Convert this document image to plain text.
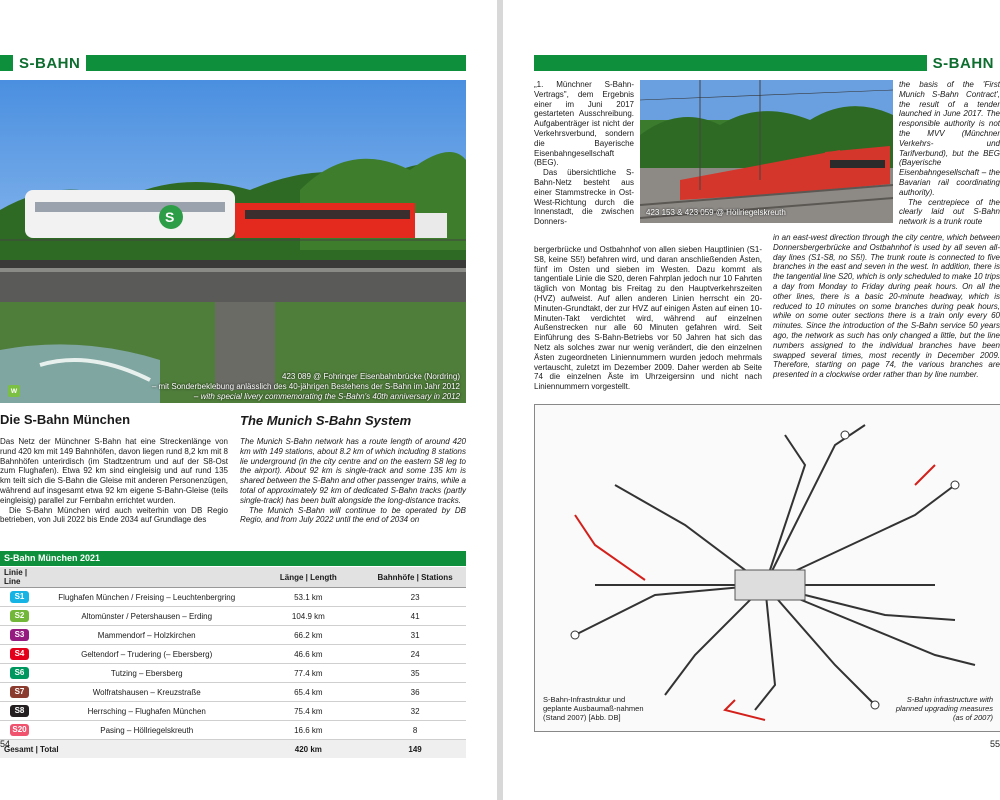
S-BAHN
S
w
423 089 @ Fohringer Eisenbahnbrücke (Nordring)
– mit Sonderbeklebung anlässlich des 40-jährigen Bestehens der S-Bahn im Jahr 2012
– with special livery commemorating the S-Bahn's 40th anniversary in 2012
Die S-Bahn München	The Munich S-Bahn System

Das Netz der Münchner S-Bahn hat eine Streckenlänge von rund 420 km mit 149 Bahnhöfen, davon liegen rund 8,2 km mit 8 Bahnhöfen unterirdisch (im Stadtzentrum und auf der S8-Ost zum Flughafen). Etwa 92 km sind eingleisig und auf rund 135 km teilt sich die S-Bahn die Gleise mit anderen Personenzügen, während auf insgesamt etwa 92 km eigene S-Bahn-Gleise (teils eingleisig) parallel zur Fernbahn errichtet wurden.

Die S-Bahn München wird auch weiterhin von DB Regio betrieben, von Juli 2022 bis Ende 2034 auf Grundlage des

The Munich S-Bahn network has a route length of around 420 km with 149 stations, about 8.2 km of which including 8 stations lie underground (in the city centre and on the eastern S8 leg to the airport). About 92 km is single-track and some 135 km is shared between the S-Bahn and other passenger trains, while a total of approximately 92 km of dedicated S-Bahn tracks (partly single-track) has been built alongside the long-distance tracks.

The Munich S-Bahn will continue to be operated by DB Regio, and from July 2022 until the end of 2034 on

S-Bahn München 2021
Linie | Line		Länge | Length	Bahnhöfe | Stations
S1	Flughafen München / Freising – Leuchtenbergring	53.1 km	23
S2	Altomünster / Petershausen – Erding	104.9 km	41
S3	Mammendorf – Holzkirchen	66.2 km	31
S4	Geltendorf – Trudering (– Ebersberg)	46.6 km	24
S6	Tutzing – Ebersberg	77.4 km	35
S7	Wolfratshausen – Kreuzstraße	65.4 km	36
S8	Herrsching – Flughafen München	75.4 km	32
S20	Pasing – Höllriegelskreuth	16.6 km	8
Gesamt | Total		420 km	149
54
S-BAHN

„1. Münchner S-Bahn-Vertrags", dem Ergebnis einer im Juni 2017 gestarteten Ausschreibung. Aufgabenträger ist nicht der Verkehrsverbund, sondern die Bayerische Eisenbahngesellschaft (BEG).

Das übersichtliche S-Bahn-Netz besteht aus einer Stammstrecke in Ost-West-Richtung durch die Innenstadt, die zwischen Donners-

423 153 & 423 059 @ Höllriegelskreuth

the basis of the 'First Munich S-Bahn Contract', the result of a tender launched in June 2017. The responsible authority is not the MVV (Münchner Verkehrs- und Tarifverbund), but the BEG (Bayerische Eisenbahngesellschaft – the Bavarian rail coordinating authority).

The centrepiece of the clearly laid out S-Bahn network is a trunk route

bergerbrücke und Ostbahnhof von allen sieben Hauptlinien (S1-S8, keine S5!) befahren wird, und daran anschließenden Ästen, fünf im Osten und sieben im Westen. Dazu kommt als tangentiale Linie die S20, deren Fahrplan jedoch nur 10 Fahrten täglich von Montag bis Freitag zu den Hauptverkehrszeiten (HVZ) aufweist. Auf allen anderen Linien herrscht ein 20-Minuten-Grundtakt, der zur HVZ auf einigen Ästen auf einen 10-Minuten-Takt verdichtet wird, während auf einzelnen Außenstrecken nur alle 60 Minuten gefahren wird. Seit Einführung des S-Bahn-Betriebs vor 50 Jahren hat sich das Netz als solches zwar nur wenig verändert, die den einzelnen Ästen zugeordneten Liniennummern wurden jedoch mehrmals vertauscht, zuletzt im Dezember 2009. Daher werden ab Seite 74 die einzelnen Äste im Uhrzeigersinn und nicht nach Liniennummern vorgestellt.
in an east-west direction through the city centre, which between Donnersbergerbrücke and Ostbahnhof is used by all seven all-day lines (S1-S8, no S5!). The trunk route is connected to five branches in the east and seven in the west. In addition, there is the tangential line S20, which is only scheduled to make 10 trips a day from Monday to Friday during peak hours. On all the other lines, there is a basic 20-minute headway, which is reduced to 10 minutes on some branches during peak hours, while on some outer sections there is a train only every 60 minutes. Since the introduction of the S-Bahn service 50 years ago, the network as such has only changed a little, but the line numbers assigned to the individual branches have been swapped several times, most recently in December 2009. Therefore, starting on page 74, the various branches are presented in a clockwise order rather than by line number.
55
S-Bahn-Infrastruktur und geplante Ausbaumaß-nahmen (Stand 2007) [Abb. DB]
S-Bahn infrastructure with planned upgrading measures (as of 2007)
